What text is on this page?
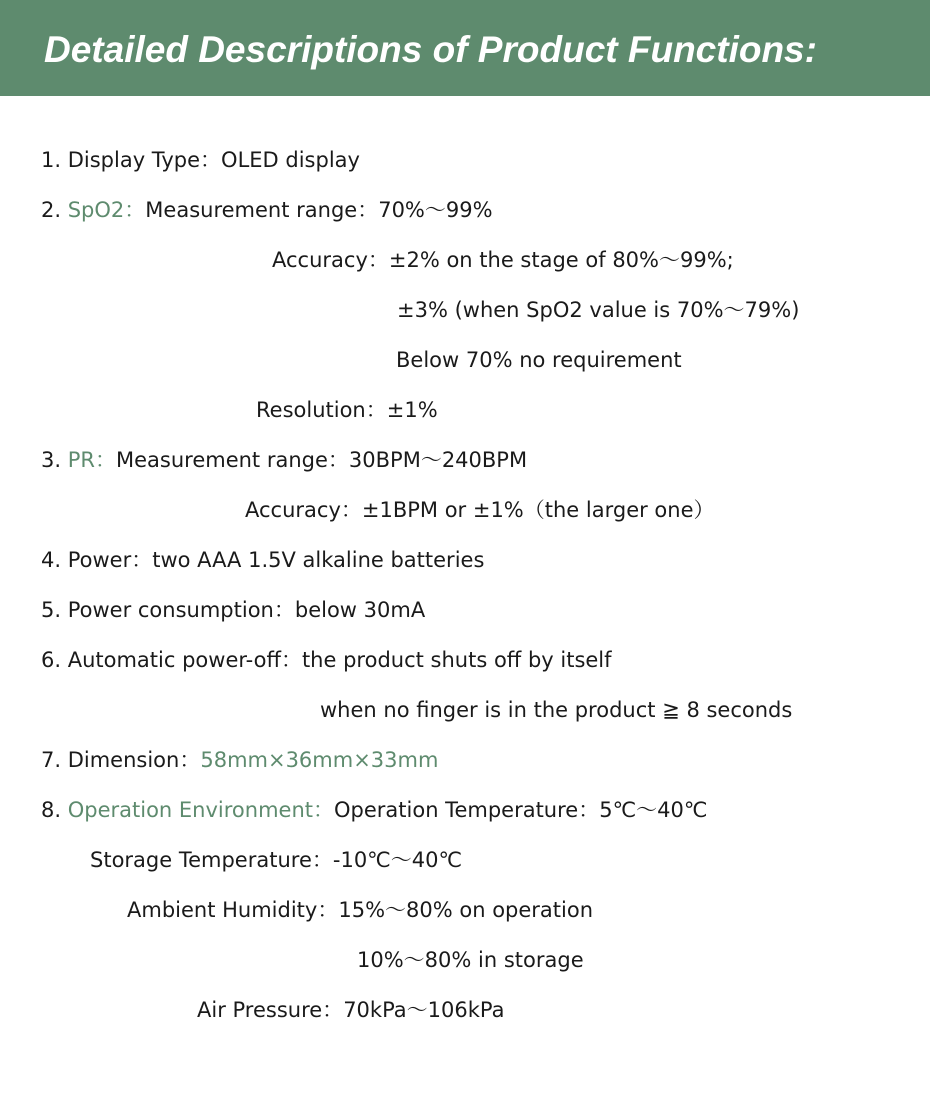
Detailed Descriptions of Product Functions:
1. Display Type：OLED display
2. SpO2：Measurement range：70%～99%
Accuracy：±2% on the stage of 80%～99%;
±3% (when SpO2 value is 70%～79%)
Below 70% no requirement
Resolution：±1%
3. PR：Measurement range：30BPM～240BPM
Accuracy：±1BPM or ±1%（the larger one）
4. Power：two AAA 1.5V alkaline batteries
5. Power consumption：below 30mA
6. Automatic power-off：the product shuts off by itself
when no finger is in the product ≧ 8 seconds
7. Dimension：58mm×36mm×33mm
8. Operation Environment：Operation Temperature：5℃～40℃
Storage Temperature：-10℃～40℃
Ambient Humidity：15%～80% on operation
10%～80% in storage
Air Pressure：70kPa～106kPa
